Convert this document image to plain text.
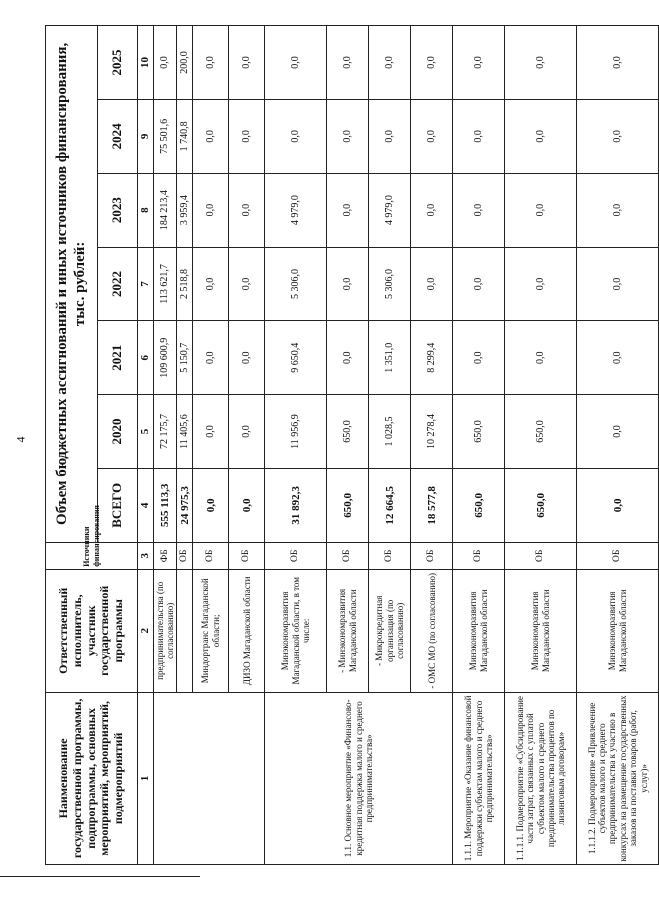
4
Наименование государственной программы, подпрограммы, основных мероприятий, мероприятий, подмероприятий	Ответственный исполнитель, участник государственной программы	Источники финансирования	Объем бюджетных ассигнований и иных источников финансирования, тыс. рублей:						
			ВСЕГО	2020	2021	2022	2023	2024	2025
1	2	3	4	5	6	7	8	9	10
	предпринимательства (по согласованию)	ФБ	555 113,3	72 175,7	109 600,9	113 621,7	184 213,4	75 501,6	0,0
		ОБ	24 975,3	11 405,6	5 150,7	2 518,8	3 959,4	1 740,8	200,0
	Миндортранс Магаданской области;	ОБ	0,0	0,0	0,0	0,0	0,0	0,0	0,0
	ДИЗО Магаданской области	ОБ	0,0	0,0	0,0	0,0	0,0	0,0	0,0
1.1. Основное мероприятие «Финансово-кредитная поддержка малого и среднего предпринимательства»	Минэкономразвития Магаданской области, в том числе:	ОБ	31 892,3	11 956,9	9 650,4	5 306,0	4 979,0	0,0	0,0
	- Минэкономразвития Магаданской области	ОБ	650,0	650,0	0,0	0,0	0,0	0,0	0,0
	- Микрокредитная организация (по согласованию)	ОБ	12 664,5	1 028,5	1 351,0	5 306,0	4 979,0	0,0	0,0
	- ОМС МО (по согласованию)	ОБ	18 577,8	10 278,4	8 299,4	0,0	0,0	0,0	0,0
1.1.1. Мероприятие «Оказание финансовой поддержки субъектам малого и среднего предпринимательства»	Минэкономразвития Магаданской области	ОБ	650,0	650,0	0,0	0,0	0,0	0,0	0,0
1.1.1.1. Подмероприятие «Субсидирование части затрат, связанных с уплатой субъектом малого и среднего предпринимательства процентов по лизинговым договорам»	Минэкономразвития Магаданской области	ОБ	650,0	650,0	0,0	0,0	0,0	0,0	0,0
1.1.1.2. Подмероприятие «Привлечение субъектов малого и среднего предпринимательства к участию в конкурсах на размещение государственных заказов на поставки товаров (работ, услуг)»	Минэкономразвития Магаданской области	ОБ	0,0	0,0	0,0	0,0	0,0	0,0	0,0
